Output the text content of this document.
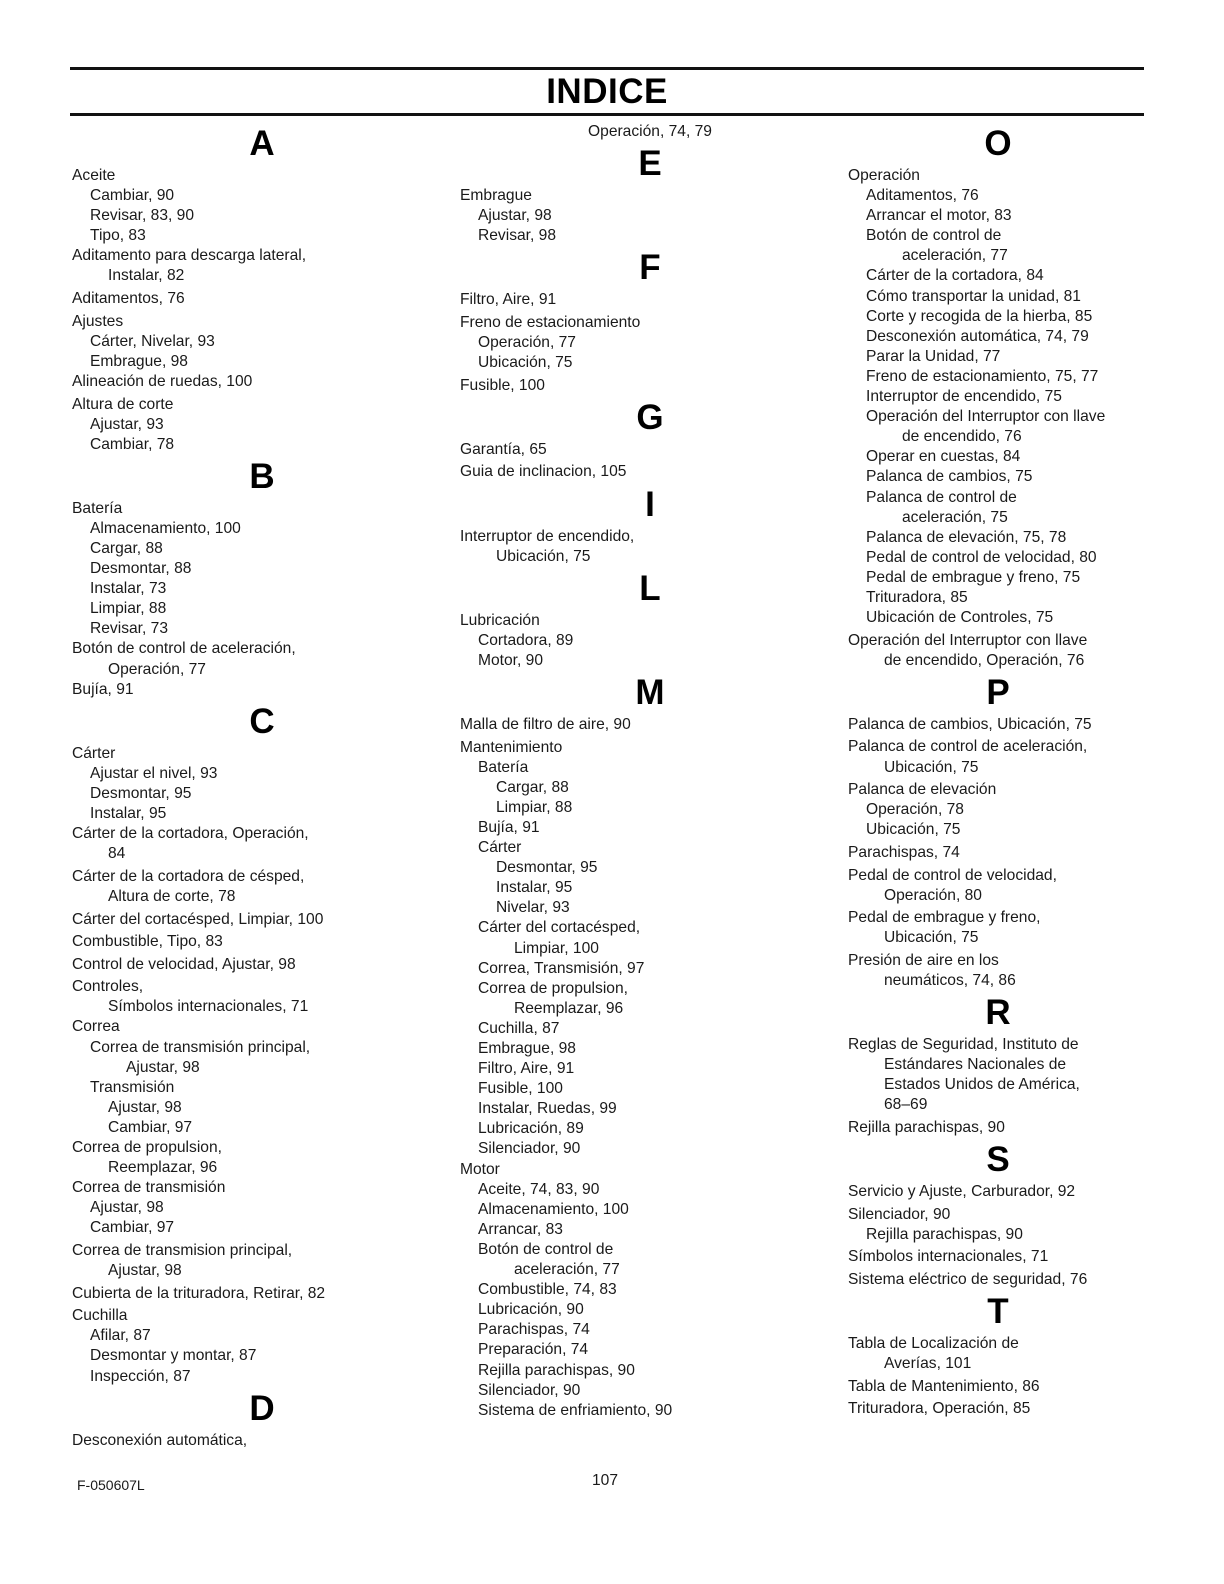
INDICE
A
Aceite
Cambiar, 90
Revisar, 83, 90
Tipo, 83
Aditamento para descarga lateral,
Instalar, 82
Aditamentos, 76
Ajustes
Cárter, Nivelar, 93
Embrague, 98
Alineación de ruedas, 100
Altura de corte
Ajustar, 93
Cambiar, 78
B
Batería
Almacenamiento, 100
Cargar, 88
Desmontar, 88
Instalar, 73
Limpiar, 88
Revisar, 73
Botón de control de aceleración,
Operación, 77
Bujía, 91
C
Cárter
Ajustar el nivel, 93
Desmontar, 95
Instalar, 95
Cárter de la cortadora, Operación,
84
Cárter de la cortadora de césped,
Altura de corte, 78
Cárter del cortacésped, Limpiar, 100
Combustible, Tipo, 83
Control de velocidad, Ajustar, 98
Controles,
Símbolos internacionales, 71
Correa
Correa de transmisión principal,
Ajustar, 98
Transmisión
Ajustar, 98
Cambiar, 97
Correa de propulsion,
Reemplazar, 96
Correa de transmisión
Ajustar, 98
Cambiar, 97
Correa de transmision principal,
Ajustar, 98
Cubierta de la trituradora, Retirar, 82
Cuchilla
Afilar, 87
Desmontar y montar, 87
Inspección, 87
D
Desconexión automática,
Operación, 74, 79
E
Embrague
Ajustar, 98
Revisar, 98
F
Filtro, Aire, 91
Freno de estacionamiento
Operación, 77
Ubicación, 75
Fusible, 100
G
Garantía, 65
Guia de inclinacion, 105
I
Interruptor de encendido,
Ubicación, 75
L
Lubricación
Cortadora, 89
Motor, 90
M
Malla de filtro de aire, 90
Mantenimiento
Batería
Cargar, 88
Limpiar, 88
Bujía, 91
Cárter
Desmontar, 95
Instalar, 95
Nivelar, 93
Cárter del cortacésped,
Limpiar, 100
Correa, Transmisión, 97
Correa de propulsion,
Reemplazar, 96
Cuchilla, 87
Embrague, 98
Filtro, Aire, 91
Fusible, 100
Instalar, Ruedas, 99
Lubricación, 89
Silenciador, 90
Motor
Aceite, 74, 83, 90
Almacenamiento, 100
Arrancar, 83
Botón de control de
aceleración, 77
Combustible, 74, 83
Lubricación, 90
Parachispas, 74
Preparación, 74
Rejilla parachispas, 90
Silenciador, 90
Sistema de enfriamiento, 90
O
Operación
Aditamentos, 76
Arrancar el motor, 83
Botón de control de
aceleración, 77
Cárter de la cortadora, 84
Cómo transportar la unidad, 81
Corte y recogida de la hierba, 85
Desconexión automática, 74, 79
Parar la Unidad, 77
Freno de estacionamiento, 75, 77
Interruptor de encendido, 75
Operación del Interruptor con llave
de encendido, 76
Operar en cuestas, 84
Palanca de cambios, 75
Palanca de control de
aceleración, 75
Palanca de elevación, 75, 78
Pedal de control de velocidad, 80
Pedal de embrague y freno, 75
Trituradora, 85
Ubicación de Controles, 75
Operación del Interruptor con llave
de encendido, Operación, 76
P
Palanca de cambios, Ubicación, 75
Palanca de control de aceleración,
Ubicación, 75
Palanca de elevación
Operación, 78
Ubicación, 75
Parachispas, 74
Pedal de control de velocidad,
Operación, 80
Pedal de embrague y freno,
Ubicación, 75
Presión de aire en los
neumáticos, 74, 86
R
Reglas de Seguridad, Instituto de
Estándares Nacionales de
Estados Unidos de América,
68–69
Rejilla parachispas, 90
S
Servicio y Ajuste, Carburador, 92
Silenciador, 90
Rejilla parachispas, 90
Símbolos internacionales, 71
Sistema eléctrico de seguridad, 76
T
Tabla de Localización de
Averías, 101
Tabla de Mantenimiento, 86
Trituradora, Operación, 85
F-050607L	107
